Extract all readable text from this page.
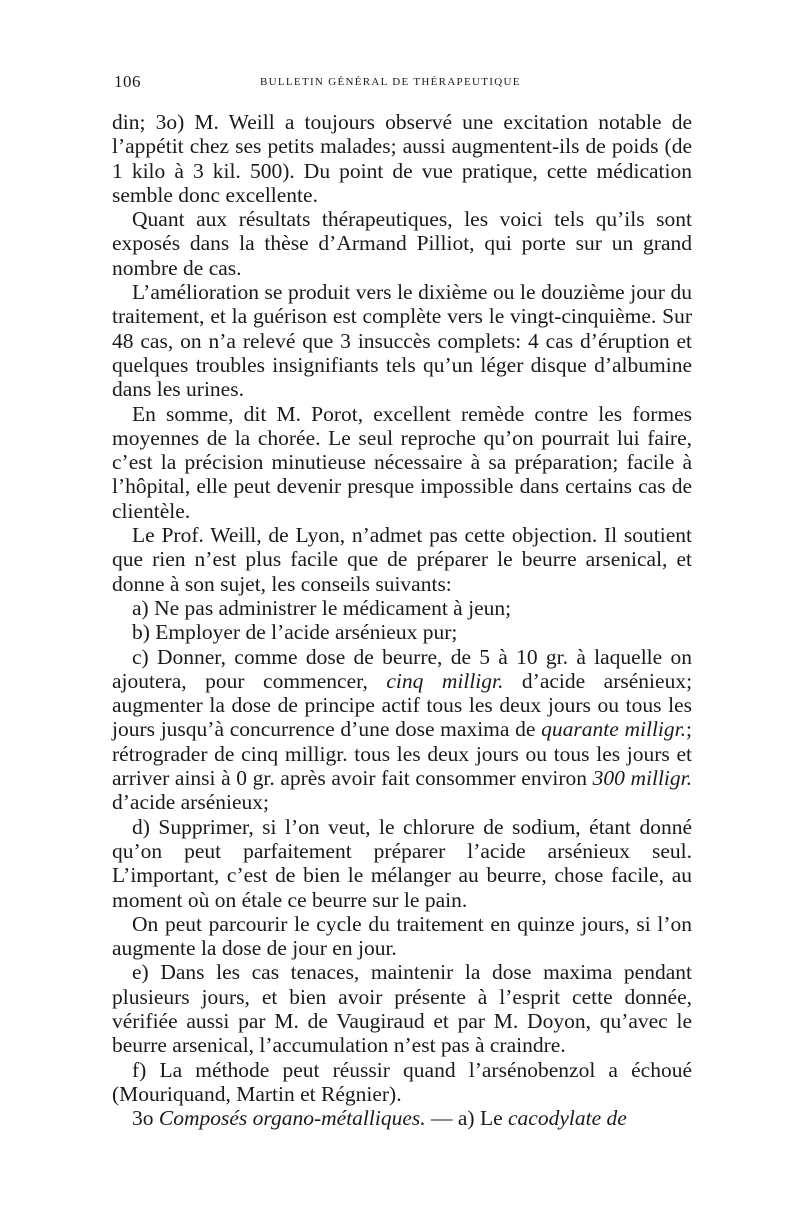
106	BULLETIN GÉNÉRAL DE THÉRAPEUTIQUE

din; 3o) M. Weill a toujours observé une excitation notable de l’appétit chez ses petits malades; aussi augmentent-ils de poids (de 1 kilo à 3 kil. 500). Du point de vue pratique, cette médication semble donc excellente.

Quant aux résultats thérapeutiques, les voici tels qu’ils sont exposés dans la thèse d’Armand Pilliot, qui porte sur un grand nombre de cas.

L’amélioration se produit vers le dixième ou le douzième jour du traitement, et la guérison est complète vers le vingt-cinquième. Sur 48 cas, on n’a relevé que 3 insuccès complets: 4 cas d’éruption et quelques troubles insignifiants tels qu’un léger disque d’albumine dans les urines.

En somme, dit M. Porot, excellent remède contre les formes moyennes de la chorée. Le seul reproche qu’on pourrait lui faire, c’est la précision minutieuse nécessaire à sa préparation; facile à l’hôpital, elle peut devenir presque impossible dans certains cas de clientèle.

Le Prof. Weill, de Lyon, n’admet pas cette objection. Il soutient que rien n’est plus facile que de préparer le beurre arsenical, et donne à son sujet, les conseils suivants:

a) Ne pas administrer le médicament à jeun;

b) Employer de l’acide arsénieux pur;

c) Donner, comme dose de beurre, de 5 à 10 gr. à laquelle on ajoutera, pour commencer, cinq milligr. d’acide arsénieux; augmenter la dose de principe actif tous les deux jours ou tous les jours jusqu’à concurrence d’une dose maxima de quarante milligr.; rétrograder de cinq milligr. tous les deux jours ou tous les jours et arriver ainsi à 0 gr. après avoir fait consommer environ 300 milligr. d’acide arsénieux;

d) Supprimer, si l’on veut, le chlorure de sodium, étant donné qu’on peut parfaitement préparer l’acide arsénieux seul. L’important, c’est de bien le mélanger au beurre, chose facile, au moment où on étale ce beurre sur le pain.

On peut parcourir le cycle du traitement en quinze jours, si l’on augmente la dose de jour en jour.

e) Dans les cas tenaces, maintenir la dose maxima pendant plusieurs jours, et bien avoir présente à l’esprit cette donnée, vérifiée aussi par M. de Vaugiraud et par M. Doyon, qu’avec le beurre arsenical, l’accumulation n’est pas à craindre.

f) La méthode peut réussir quand l’arsénobenzol a échoué (Mouriquand, Martin et Régnier).

3o Composés organo-métalliques. — a) Le cacodylate de
